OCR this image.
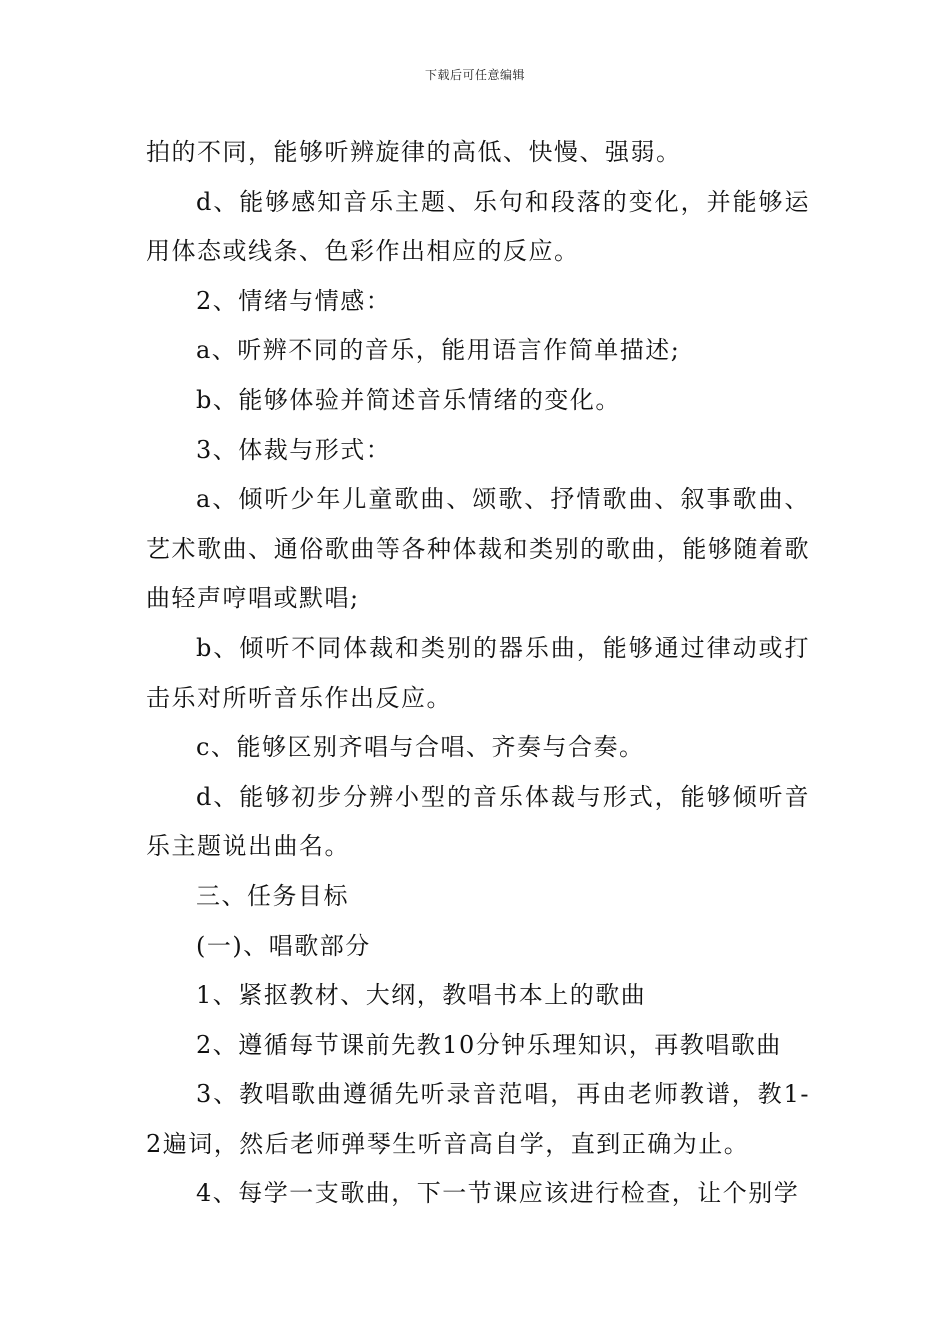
下载后可任意编辑

拍的不同，能够听辨旋律的高低、快慢、强弱。

d、能够感知音乐主题、乐句和段落的变化，并能够运用体态或线条、色彩作出相应的反应。

2、情绪与情感：

a、听辨不同的音乐，能用语言作简单描述;

b、能够体验并简述音乐情绪的变化。

3、体裁与形式：

a、倾听少年儿童歌曲、颂歌、抒情歌曲、叙事歌曲、艺术歌曲、通俗歌曲等各种体裁和类别的歌曲，能够随着歌曲轻声哼唱或默唱;

b、倾听不同体裁和类别的器乐曲，能够通过律动或打击乐对所听音乐作出反应。

c、能够区别齐唱与合唱、齐奏与合奏。

d、能够初步分辨小型的音乐体裁与形式，能够倾听音乐主题说出曲名。

三、任务目标

(一)、唱歌部分

1、紧抠教材、大纲，教唱书本上的歌曲

2、遵循每节课前先教10分钟乐理知识，再教唱歌曲

3、教唱歌曲遵循先听录音范唱，再由老师教谱，教1-2遍词，然后老师弹琴生听音高自学，直到正确为止。

4、每学一支歌曲，下一节课应该进行检查，让个别学
